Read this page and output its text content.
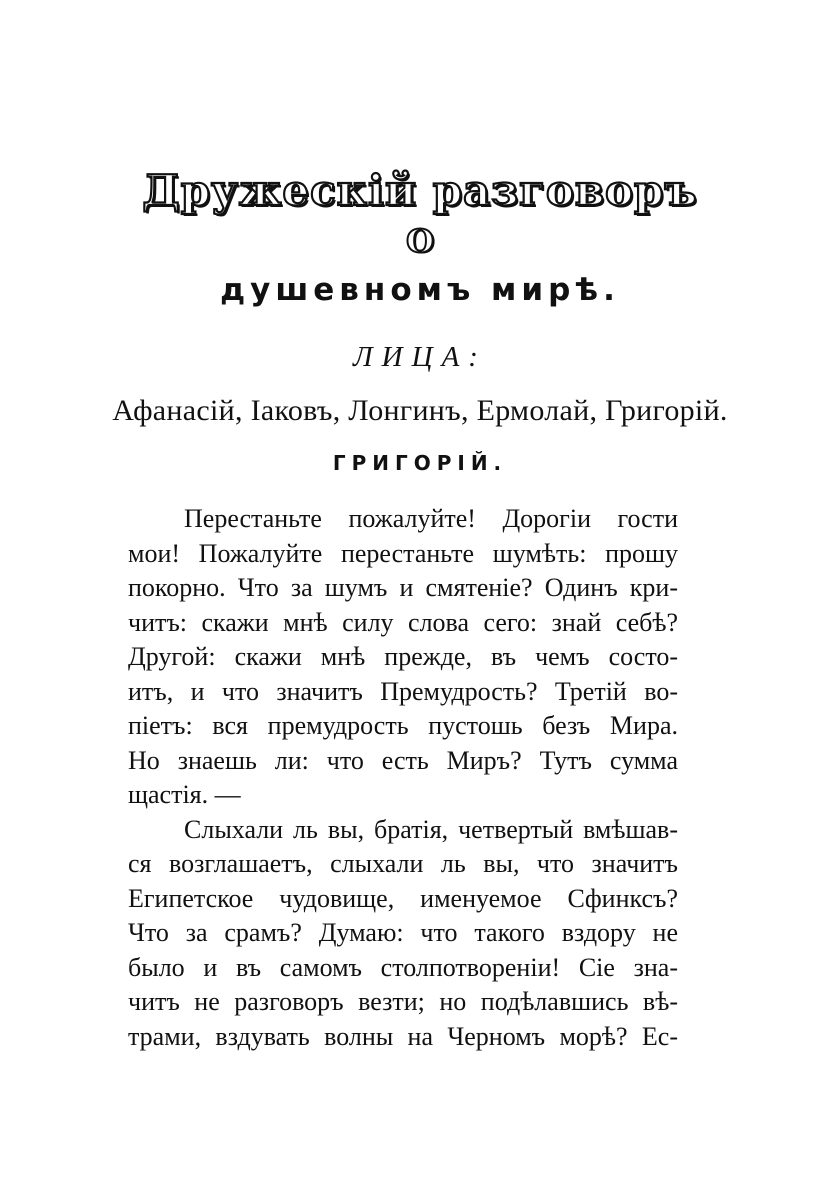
Дружескій разговоръ
О
душевномъ мирѣ.
ЛИЦА:
Афанасій, Іаковъ, Лонгинъ, Ермолай, Григорій.
ГРИГОРІЙ.
Перестаньте пожалуйте! Дорогіи гости
мои! Пожалуйте перестаньте шумѣть: прошу
покорно. Что за шумъ и смятеніе? Одинъ кри-
читъ: скажи мнѣ силу слова сего: знай себѣ?
Другой: скажи мнѣ прежде, въ чемъ состо-
итъ, и что значитъ Премудрость? Третій во-
піетъ: вся премудрость пустошь безъ Мира.
Но знаешь ли: что есть Миръ? Тутъ сумма
щастія. —
Слыхали ль вы, братія, четвертый вмѣшав-
ся возглашаетъ, слыхали ль вы, что значитъ
Египетское чудовище, именуемое Сфинксъ?
Что за срамъ? Думаю: что такого вздору не
было и въ самомъ столпотвореніи! Сіе зна-
читъ не разговоръ везти; но подѣлавшись вѣ-
трами, вздувать волны на Черномъ морѣ? Ес-
